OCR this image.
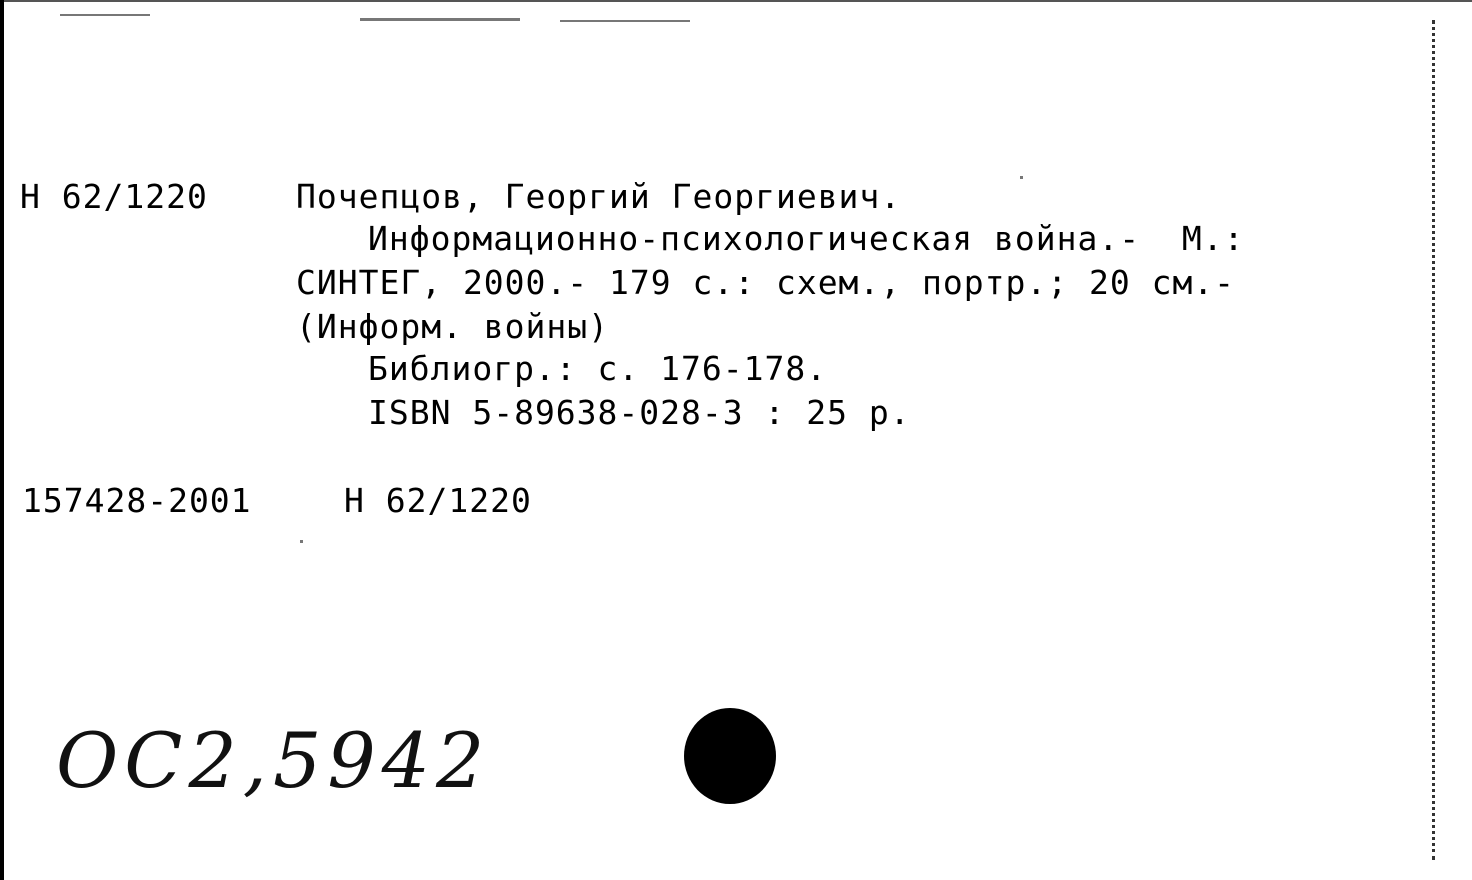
Н 62/1220	Почепцов, Георгий Георгиевич.
Информационно-психологическая война.-  М.:
СИНТЕГ, 2000.- 179 с.: схем., портр.; 20 см.-
(Информ. войны)
Библиогр.: с. 176-178.
ISBN 5-89638-028-3 : 25 р.
157428-2001	Н 62/1220
ОС2,5942
